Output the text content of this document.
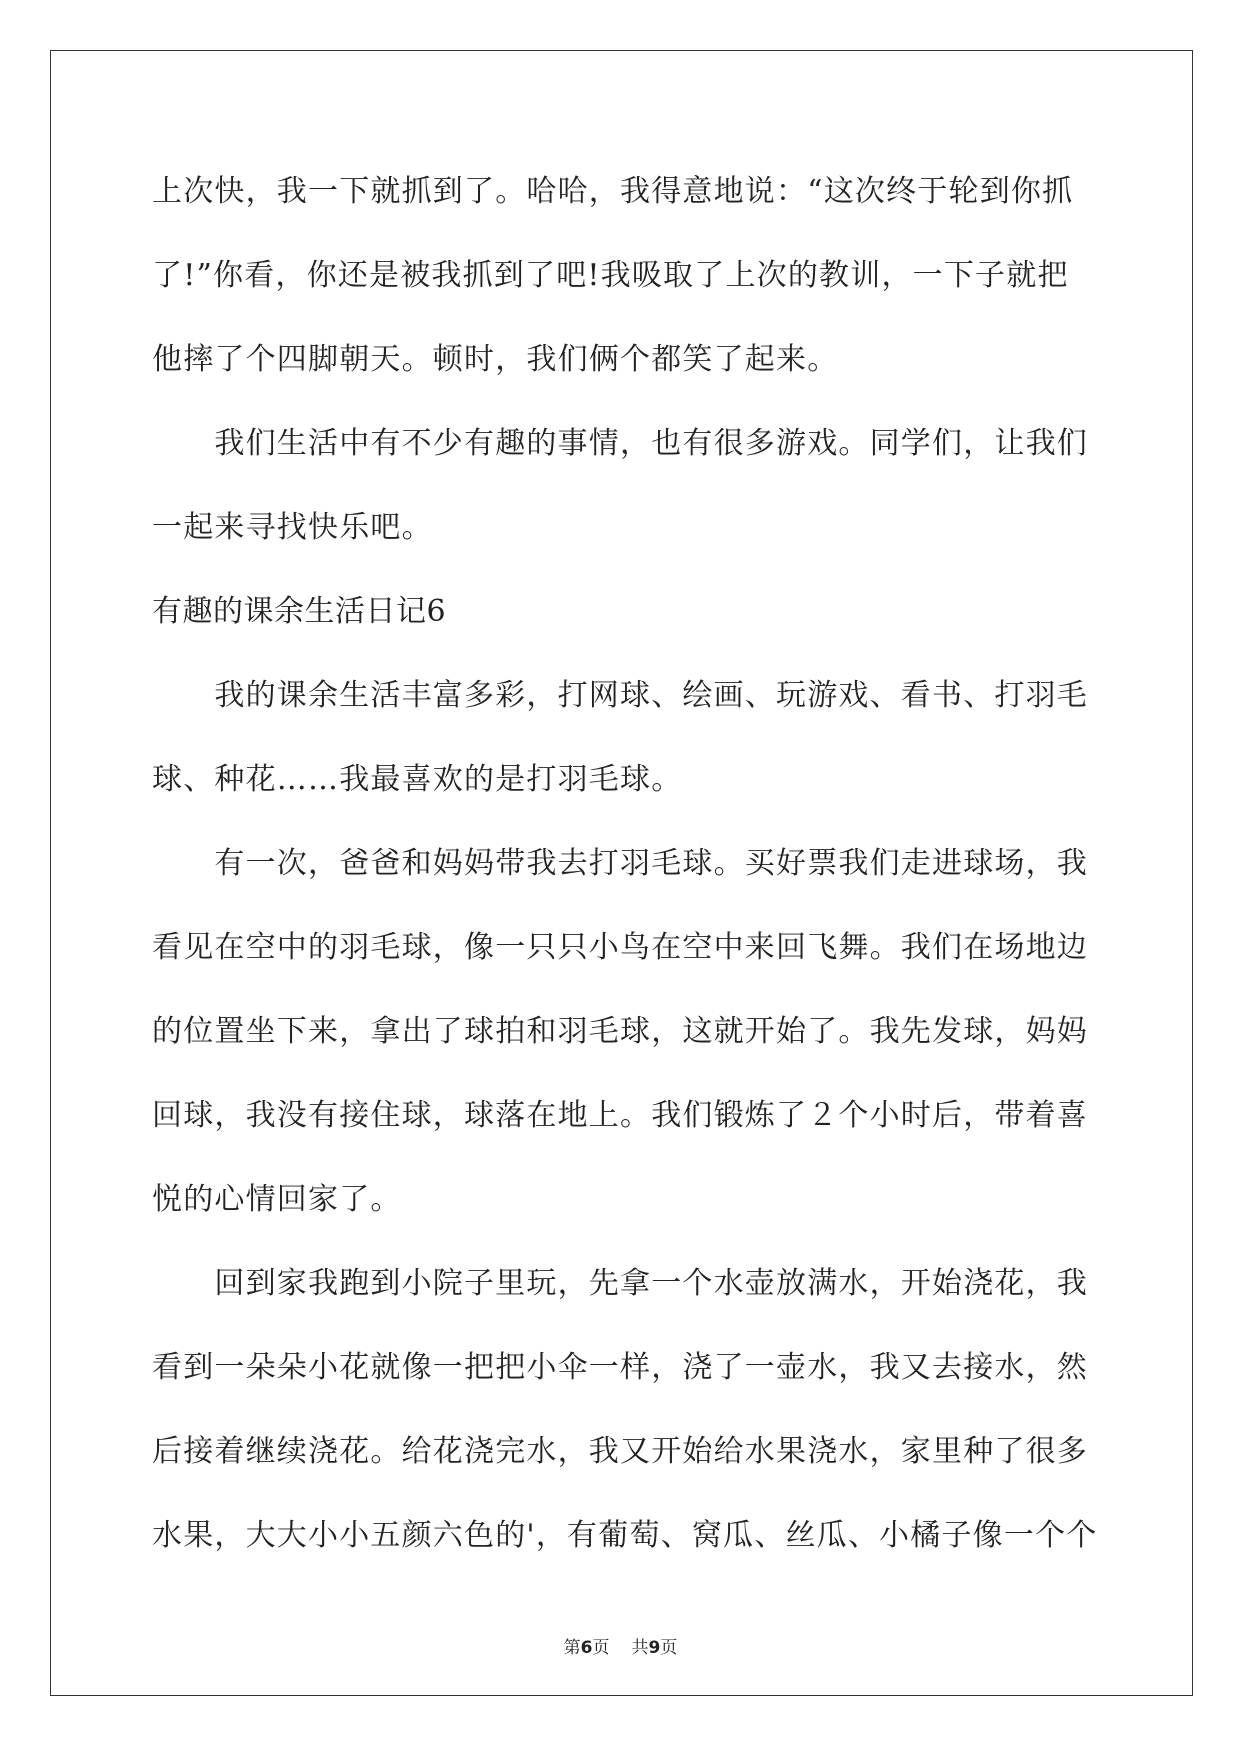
上次快，我一下就抓到了。哈哈，我得意地说：“这次终于轮到你抓
了!”你看，你还是被我抓到了吧!我吸取了上次的教训，一下子就把
他摔了个四脚朝天。顿时，我们俩个都笑了起来。
　　我们生活中有不少有趣的事情，也有很多游戏。同学们，让我们
一起来寻找快乐吧。
有趣的课余生活日记6
　　我的课余生活丰富多彩，打网球、绘画、玩游戏、看书、打羽毛
球、种花……我最喜欢的是打羽毛球。
　　有一次，爸爸和妈妈带我去打羽毛球。买好票我们走进球场，我
看见在空中的羽毛球，像一只只小鸟在空中来回飞舞。我们在场地边
的位置坐下来，拿出了球拍和羽毛球，这就开始了。我先发球，妈妈
回球，我没有接住球，球落在地上。我们锻炼了２个小时后，带着喜
悦的心情回家了。
　　回到家我跑到小院子里玩，先拿一个水壶放满水，开始浇花，我
看到一朵朵小花就像一把把小伞一样，浇了一壶水，我又去接水，然
后接着继续浇花。给花浇完水，我又开始给水果浇水，家里种了很多
水果，大大小小五颜六色的'，有葡萄、窝瓜、丝瓜、小橘子像一个个
第6页 共9页
